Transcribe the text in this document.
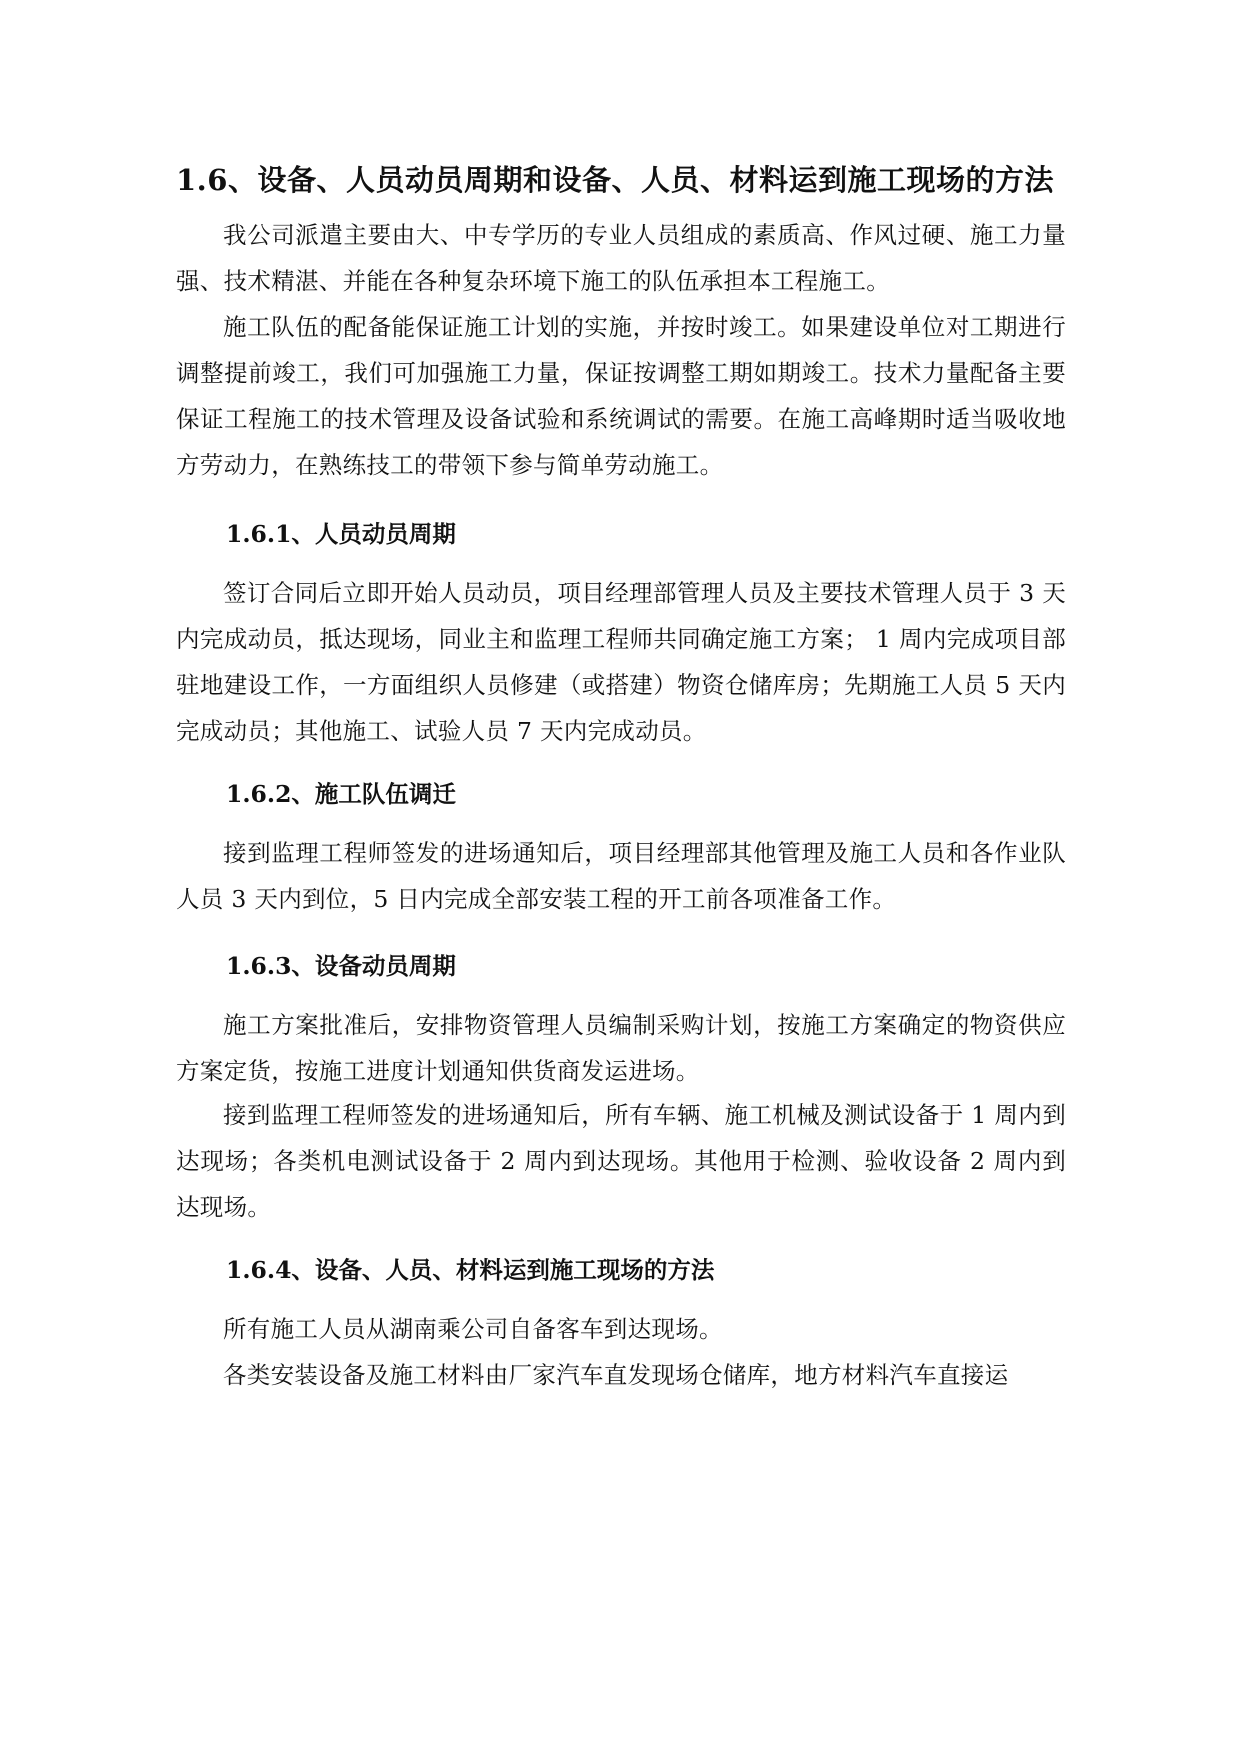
1.6、设备、人员动员周期和设备、人员、材料运到施工现场的方法

我公司派遣主要由大、中专学历的专业人员组成的素质高、作风过硬、施工力量强、技术精湛、并能在各种复杂环境下施工的队伍承担本工程施工。

施工队伍的配备能保证施工计划的实施，并按时竣工。如果建设单位对工期进行调整提前竣工，我们可加强施工力量，保证按调整工期如期竣工。技术力量配备主要保证工程施工的技术管理及设备试验和系统调试的需要。在施工高峰期时适当吸收地方劳动力，在熟练技工的带领下参与简单劳动施工。

1.6.1、人员动员周期

签订合同后立即开始人员动员，项目经理部管理人员及主要技术管理人员于 3 天内完成动员，抵达现场，同业主和监理工程师共同确定施工方案； 1 周内完成项目部驻地建设工作，一方面组织人员修建（或搭建）物资仓储库房；先期施工人员 5 天内完成动员；其他施工、试验人员 7 天内完成动员。

1.6.2、施工队伍调迁

接到监理工程师签发的进场通知后，项目经理部其他管理及施工人员和各作业队人员 3 天内到位，5 日内完成全部安装工程的开工前各项准备工作。

1.6.3、设备动员周期

施工方案批准后，安排物资管理人员编制采购计划，按施工方案确定的物资供应方案定货，按施工进度计划通知供货商发运进场。

接到监理工程师签发的进场通知后，所有车辆、施工机械及测试设备于 1 周内到达现场；各类机电测试设备于 2 周内到达现场。其他用于检测、验收设备 2 周内到达现场。

1.6.4、设备、人员、材料运到施工现场的方法

所有施工人员从湖南乘公司自备客车到达现场。

各类安装设备及施工材料由厂家汽车直发现场仓储库，地方材料汽车直接运
